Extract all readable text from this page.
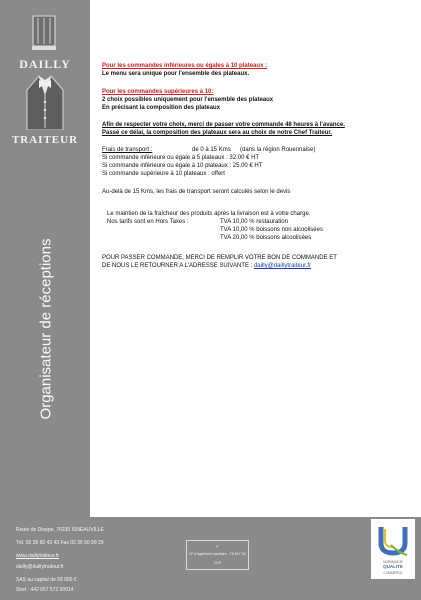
DAILLY
TRAITEUR
Organisateur de réceptions

Pour les commandes inférieures ou égales à 10 plateaux :

Le menu sera unique pour l'ensemble des plateaux.

Pour les commandes supérieures à 10:

2 choix possibles uniquement pour l'ensemble des plateaux

En précisant la composition des plateaux

Afin de respecter votre choix, merci de passer votre commande 48 heures à l'avance.

Passé ce délai, la composition des plateaux sera au choix de notre Chef Traiteur.

Frais de transport :	de 0 à 15 Kms (dans la région Rouennaise)

Si commande inférieure ou égale à 5 plateaux : 32.00 € HT

Si commande inférieure ou égale à 10 plateaux : 25.00 € HT

Si commande supérieure à 10 plateaux : offert

Au-delà de 15 Kms, les frais de transport seront calculés selon le devis

Le maintien de la fraîcheur des produits après la livraison est à votre charge.

Nos tarifs sont en Hors Taxes :	TVA 10,00 % restauration

TVA 10,00 % boissons non alcoolisées

TVA 20,00 % boissons alcoolisées

POUR PASSER COMMANDE, MERCI DE REMPLIR VOTRE BON DE COMMANDE ET

DE NOUS LE RETOURNER A L'ADRESSE SUIVANTE : dailly@daillytraiteur.fr

Route de Dieppe, 76230 ISNEAUVILLE
Tél. 02 35 60 43 43 Fax 02 35 60 99 29
www.daillytraiteur.fr
dailly@daillytraiteur.fr
SAS au capital de 59 000 €
Siret : 442 057 572 00014
F
N° d'agrément sanitaire : 76 517 02
CEE	NORMANDIE
QUALITÉ
COMMERCE
